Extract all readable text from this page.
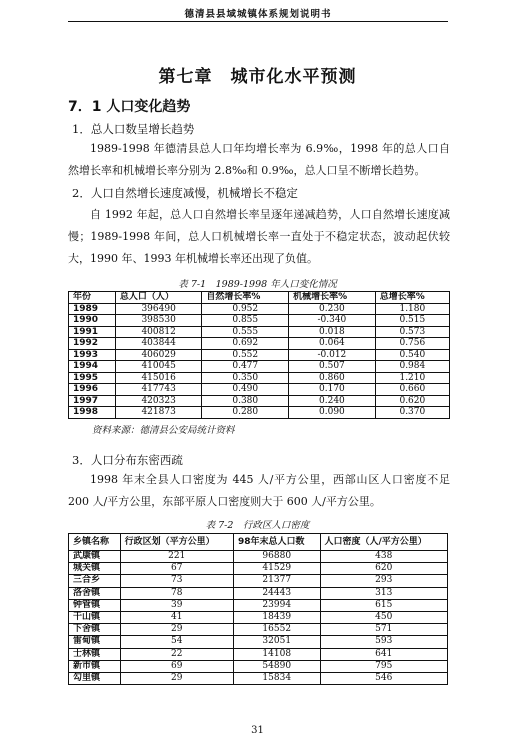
德清县县域城镇体系规划说明书
第七章　城市化水平预测
7．1 人口变化趋势
1．总人口数呈增长趋势

1989-1998 年德清县总人口年均增长率为 6.9‰，1998 年的总人口自然增长率和机械增长率分别为 2.8‰和 0.9‰，总人口呈不断增长趋势。

2．人口自然增长速度减慢，机械增长不稳定

自 1992 年起，总人口自然增长率呈逐年递减趋势，人口自然增长速度减慢；1989-1998 年间，总人口机械增长率一直处于不稳定状态，波动起伏较大，1990 年、1993 年机械增长率还出现了负值。

表 7-1　1989-1998 年人口变化情况
年份	总人口（人）	自然增长率%	机械增长率%	总增长率%
1989	396490	0.952	0.230	1.180
1990	398530	0.855	-0.340	0.515
1991	400812	0.555	0.018	0.573
1992	403844	0.692	0.064	0.756
1993	406029	0.552	-0.012	0.540
1994	410045	0.477	0.507	0.984
1995	415016	0.350	0.860	1.210
1996	417743	0.490	0.170	0.660
1997	420323	0.380	0.240	0.620
1998	421873	0.280	0.090	0.370
资料来源：德清县公安局统计资料
3．人口分布东密西疏

1998 年末全县人口密度为 445 人/平方公里，西部山区人口密度不足 200 人/平方公里，东部平原人口密度则大于 600 人/平方公里。

表 7-2　行政区人口密度
乡镇名称	行政区划（平方公里）	98年末总人口数	人口密度（人/平方公里）
武康镇	221	96880	438
城关镇	67	41529	620
三合乡	73	21377	293
洛舍镇	78	24443	313
钟管镇	39	23994	615
干山镇	41	18439	450
下舍镇	29	16552	571
雷甸镇	54	32051	593
士林镇	22	14108	641
新市镇	69	54890	795
勾里镇	29	15834	546
31
